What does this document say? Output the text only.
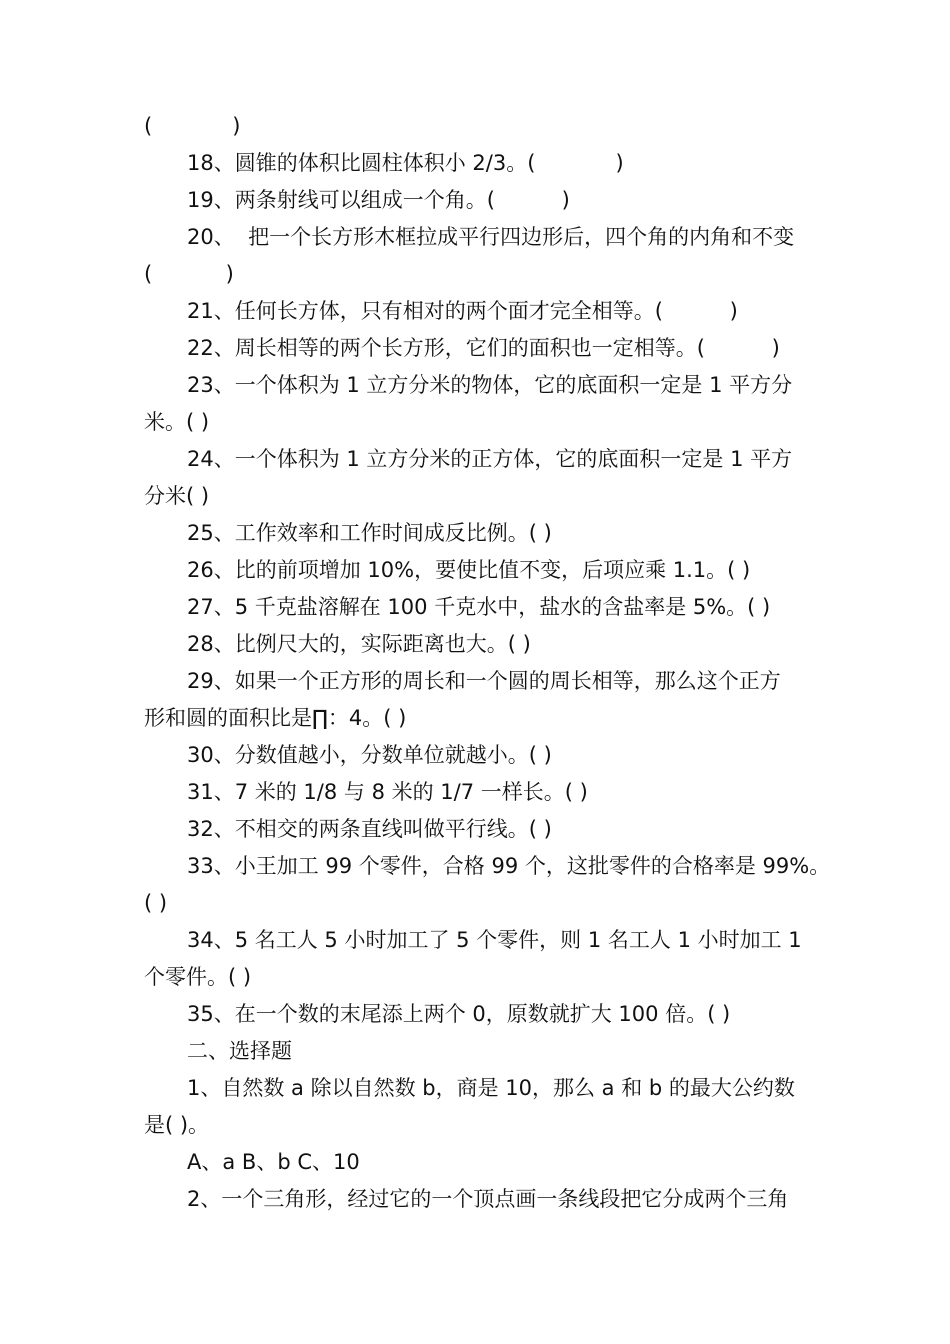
(            )
18、圆锥的体积比圆柱体积小 2/3。(            )
19、两条射线可以组成一个角。(          )
20、  把一个长方形木框拉成平行四边形后，四个角的内角和不变
(           )
21、任何长方体，只有相对的两个面才完全相等。(          )
22、周长相等的两个长方形，它们的面积也一定相等。(          )
23、一个体积为 1 立方分米的物体，它的底面积一定是 1 平方分
米。( )
24、一个体积为 1 立方分米的正方体，它的底面积一定是 1 平方
分米( )
25、工作效率和工作时间成反比例。( )
26、比的前项增加 10%，要使比值不变，后项应乘 1.1。( )
27、5 千克盐溶解在 100 千克水中，盐水的含盐率是 5%。( )
28、比例尺大的，实际距离也大。( )
29、如果一个正方形的周长和一个圆的周长相等，那么这个正方
形和圆的面积比是∏：4。( )
30、分数值越小，分数单位就越小。( )
31、7 米的 1/8 与 8 米的 1/7 一样长。( )
32、不相交的两条直线叫做平行线。( )
33、小王加工 99 个零件，合格 99 个，这批零件的合格率是 99%。
( )
34、5 名工人 5 小时加工了 5 个零件，则 1 名工人 1 小时加工 1
个零件。( )
35、在一个数的末尾添上两个 0，原数就扩大 100 倍。( )
二、选择题
1、自然数 a 除以自然数 b，商是 10，那么 a 和 b 的最大公约数
是( )。
A、a B、b C、10
2、一个三角形，经过它的一个顶点画一条线段把它分成两个三角
